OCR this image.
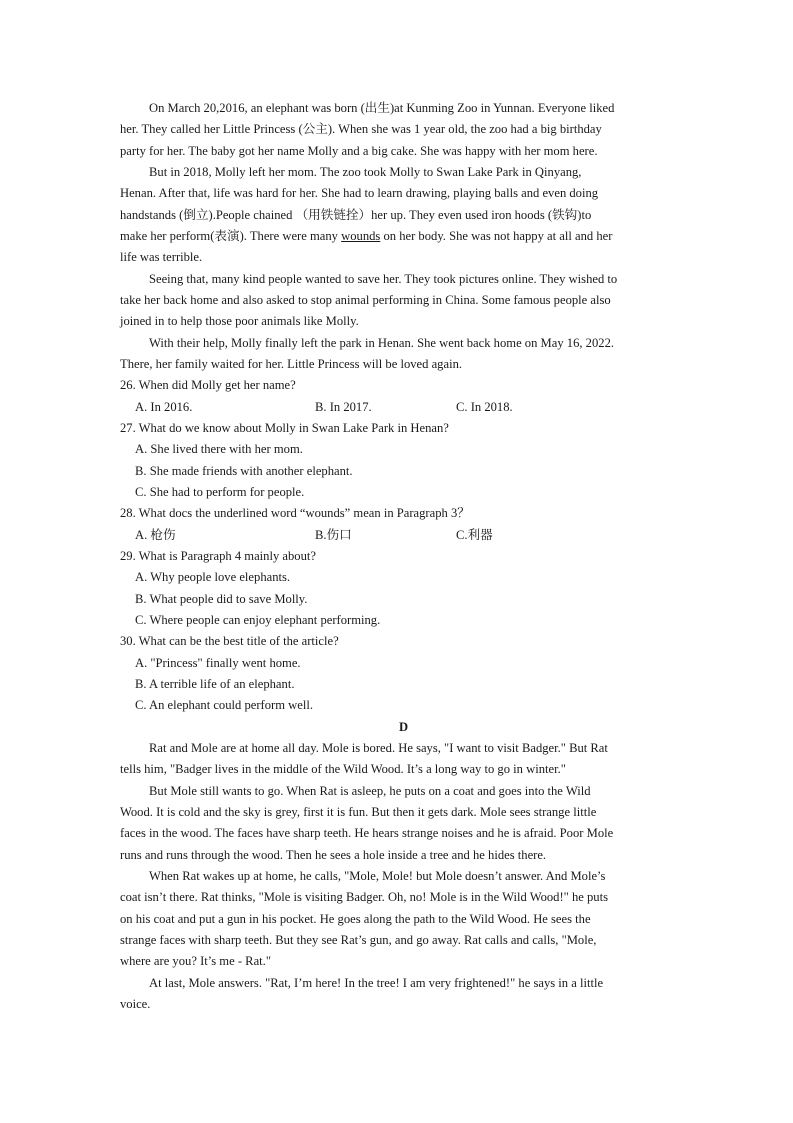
On March 20,2016, an elephant was born (出生)at Kunming Zoo in Yunnan. Everyone liked
her. They called her Little Princess (公主). When she was 1 year old, the zoo had a big birthday
party for her. The baby got her name Molly and a big cake. She was happy with her mom here.
But in 2018, Molly left her mom. The zoo took Molly to Swan Lake Park in Qinyang,
Henan. After that, life was hard for her. She had to learn drawing, playing balls and even doing
handstands (倒立).People chained （用铁链拴）her up. They even used iron hoods (铁钩)to
make her perform(表演). There were many wounds on her body. She was not happy at all and her
life was terrible.
Seeing that, many kind people wanted to save her. They took pictures online. They wished to
take her back home and also asked to stop animal performing in China. Some famous people also
joined in to help those poor animals like Molly.
With their help, Molly finally left the park in Henan. She went back home on May 16, 2022.
There, her family waited for her. Little Princess will be loved again.
26. When did Molly get her name?
A. In 2016.	B. In 2017.	C. In 2018.
27. What do we know about Molly in Swan Lake Park in Henan?
A. She lived there with her mom.
B. She made friends with another elephant.
C. She had to perform for people.
28. What docs the underlined word “wounds” mean in Paragraph 3？
A. 枪伤	B.伤口	C.利器
29. What is Paragraph 4 mainly about?
A. Why people love elephants.
B. What people did to save Molly.
C. Where people can enjoy elephant performing.
30. What can be the best title of the article?
A. "Princess" finally went home.
B. A terrible life of an elephant.
C. An elephant could perform well.
D
Rat and Mole are at home all day. Mole is bored. He says, "I want to visit Badger." But Rat
tells him, "Badger lives in the middle of the Wild Wood. It’s a long way to go in winter."
But Mole still wants to go. When Rat is asleep, he puts on a coat and goes into the Wild
Wood. It is cold and the sky is grey, first it is fun. But then it gets dark. Mole sees strange little
faces in the wood. The faces have sharp teeth. He hears strange noises and he is afraid. Poor Mole
runs and runs through the wood. Then he sees a hole inside a tree and he hides there.
When Rat wakes up at home, he calls, "Mole, Mole! but Mole doesn’t answer. And Mole’s
coat isn’t there. Rat thinks, "Mole is visiting Badger. Oh, no! Mole is in the Wild Wood!" he puts
on his coat and put a gun in his pocket. He goes along the path to the Wild Wood. He sees the
strange faces with sharp teeth. But they see Rat’s gun, and go away. Rat calls and calls, "Mole,
where are you? It’s me - Rat."
At last, Mole answers. "Rat, I’m here! In the tree! I am very frightened!" he says in a little
voice.
